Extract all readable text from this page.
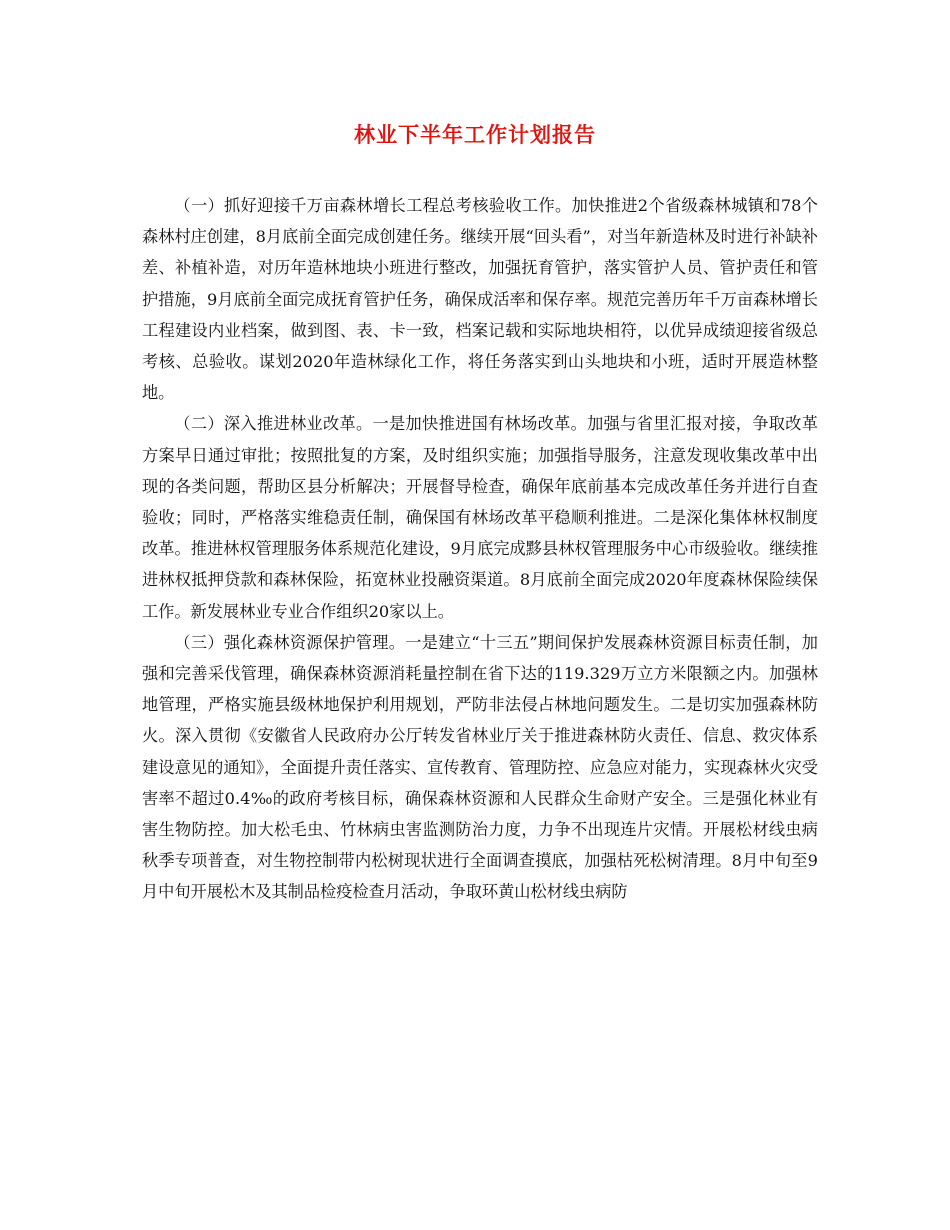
林业下半年工作计划报告

（一）抓好迎接千万亩森林增长工程总考核验收工作。加快推进2个省级森林城镇和78个森林村庄创建，8月底前全面完成创建任务。继续开展“回头看”，对当年新造林及时进行补缺补差、补植补造，对历年造林地块小班进行整改，加强抚育管护，落实管护人员、管护责任和管护措施，9月底前全面完成抚育管护任务，确保成活率和保存率。规范完善历年千万亩森林增长工程建设内业档案，做到图、表、卡一致，档案记载和实际地块相符，以优异成绩迎接省级总考核、总验收。谋划2020年造林绿化工作，将任务落实到山头地块和小班，适时开展造林整地。

（二）深入推进林业改革。一是加快推进国有林场改革。加强与省里汇报对接，争取改革方案早日通过审批；按照批复的方案，及时组织实施；加强指导服务，注意发现收集改革中出现的各类问题，帮助区县分析解决；开展督导检查，确保年底前基本完成改革任务并进行自查验收；同时，严格落实维稳责任制，确保国有林场改革平稳顺利推进。二是深化集体林权制度改革。推进林权管理服务体系规范化建设，9月底完成黟县林权管理服务中心市级验收。继续推进林权抵押贷款和森林保险，拓宽林业投融资渠道。8月底前全面完成2020年度森林保险续保工作。新发展林业专业合作组织20家以上。

（三）强化森林资源保护管理。一是建立“十三五”期间保护发展森林资源目标责任制，加强和完善采伐管理，确保森林资源消耗量控制在省下达的119.329万立方米限额之内。加强林地管理，严格实施县级林地保护利用规划，严防非法侵占林地问题发生。二是切实加强森林防火。深入贯彻《安徽省人民政府办公厅转发省林业厅关于推进森林防火责任、信息、救灾体系建设意见的通知》，全面提升责任落实、宣传教育、管理防控、应急应对能力，实现森林火灾受害率不超过0.4‰的政府考核目标，确保森林资源和人民群众生命财产安全。三是强化林业有害生物防控。加大松毛虫、竹林病虫害监测防治力度，力争不出现连片灾情。开展松材线虫病秋季专项普查，对生物控制带内松树现状进行全面调查摸底，加强枯死松树清理。8月中旬至9月中旬开展松木及其制品检疫检查月活动，争取环黄山松材线虫病防
